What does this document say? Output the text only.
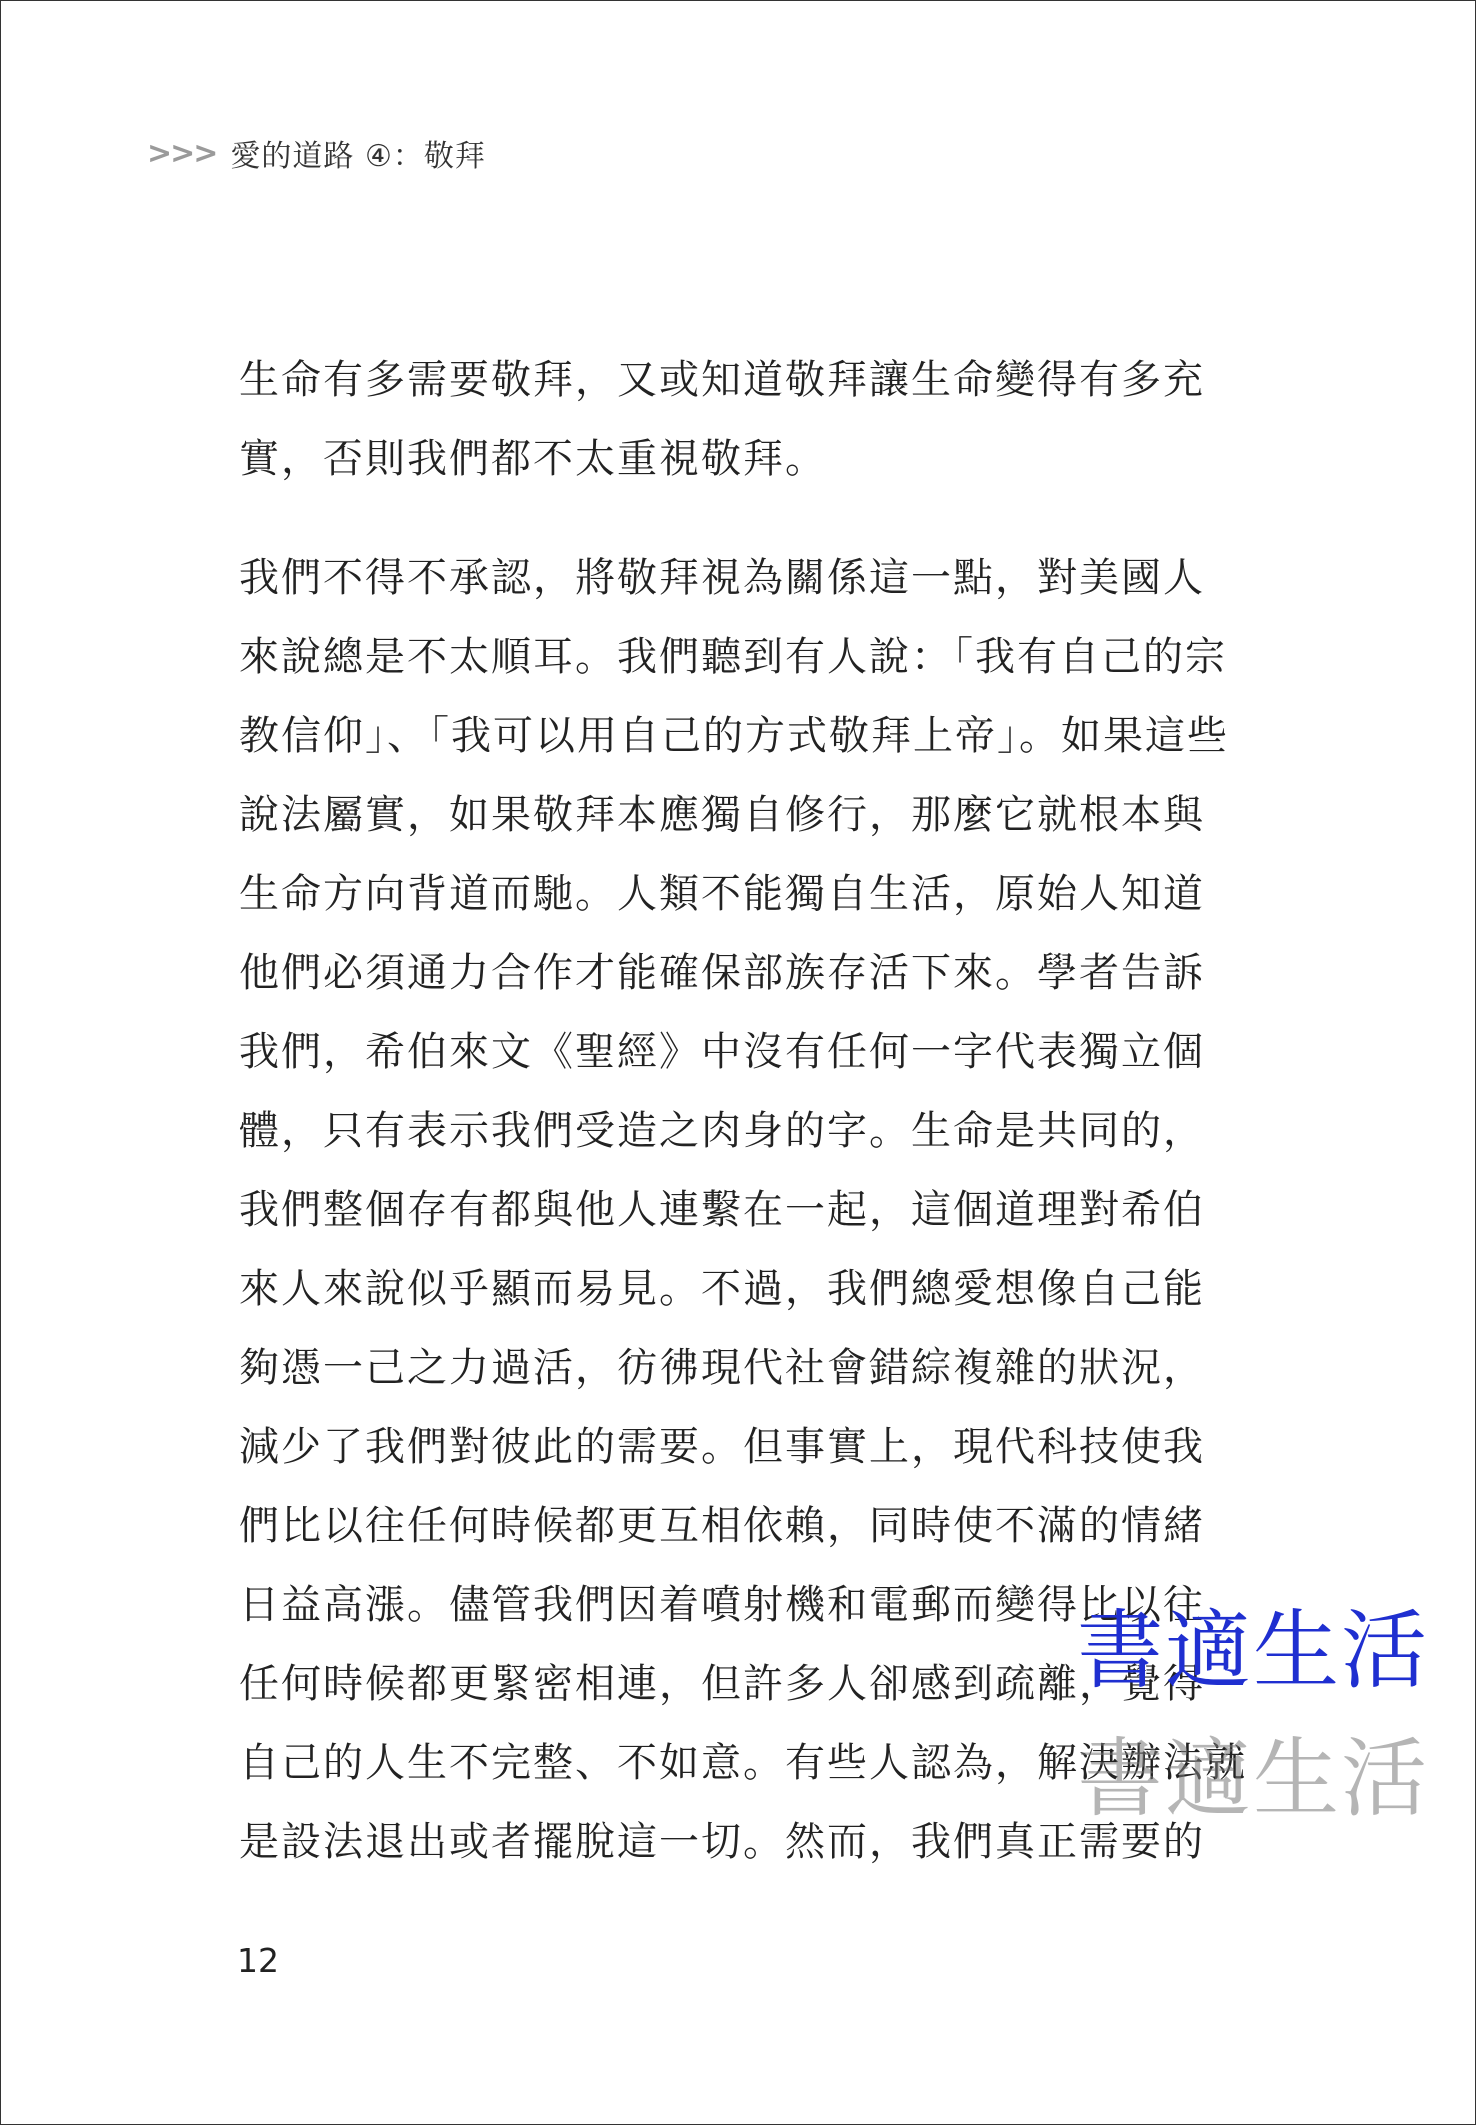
>>> 愛的道路 ④：敬拜

生命有多需要敬拜，又或知道敬拜讓生命變得有多充
實，否則我們都不太重視敬拜。

我們不得不承認，將敬拜視為關係這一點，對美國人
來說總是不太順耳。我們聽到有人說：「我有自己的宗
教信仰」、「我可以用自己的方式敬拜上帝」。如果這些
說法屬實，如果敬拜本應獨自修行，那麼它就根本與
生命方向背道而馳。人類不能獨自生活，原始人知道
他們必須通力合作才能確保部族存活下來。學者告訴
我們，希伯來文《聖經》中沒有任何一字代表獨立個
體，只有表示我們受造之肉身的字。生命是共同的，
我們整個存有都與他人連繫在一起，這個道理對希伯
來人來說似乎顯而易見。不過，我們總愛想像自己能
夠憑一己之力過活，彷彿現代社會錯綜複雜的狀況，
減少了我們對彼此的需要。但事實上，現代科技使我
們比以往任何時候都更互相依賴，同時使不滿的情緒
日益高漲。儘管我們因着噴射機和電郵而變得比以往
任何時候都更緊密相連，但許多人卻感到疏離，覺得
自己的人生不完整、不如意。有些人認為，解決辦法就
是設法退出或者擺脫這一切。然而，我們真正需要的

12
書適生活
書適生活
